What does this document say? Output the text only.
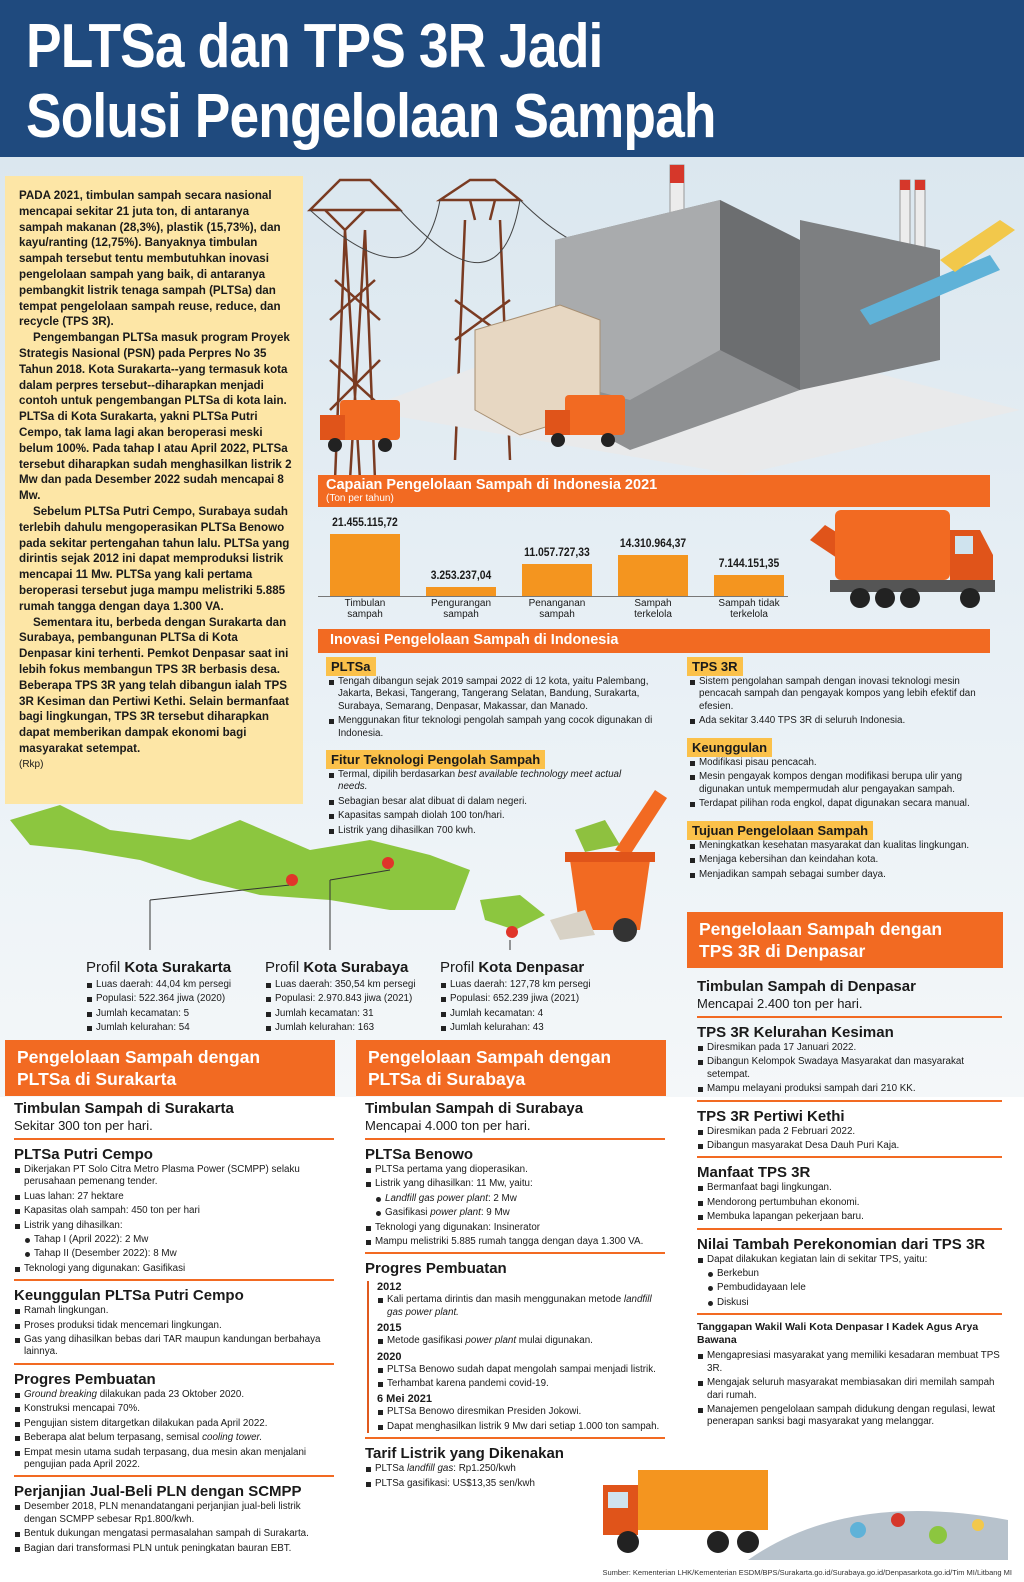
PLTSa dan TPS 3R Jadi
Solusi Pengelolaan Sampah

PADA 2021, timbulan sampah secara nasional mencapai sekitar 21 juta ton, di antaranya sampah makanan (28,3%), plastik (15,73%), dan kayu/ranting (12,75%). Banyaknya timbulan sampah tersebut tentu membutuhkan inovasi pengelolaan sampah yang baik, di antaranya pembangkit listrik tenaga sampah (PLTSa) dan tempat pengelolaan sampah reuse, reduce, dan recycle (TPS 3R).

Pengembangan PLTSa masuk program Proyek Strategis Nasional (PSN) pada Perpres No 35 Tahun 2018. Kota Surakarta--yang termasuk kota dalam perpres tersebut--diharapkan menjadi contoh untuk pengembangan PLTSa di kota lain. PLTSa di Kota Surakarta, yakni PLTSa Putri Cempo, tak lama lagi akan beroperasi meski belum 100%. Pada tahap I atau April 2022, PLTSa tersebut diharapkan sudah menghasilkan listrik 2 Mw dan pada Desember 2022 sudah mencapai 8 Mw.

Sebelum PLTSa Putri Cempo, Surabaya sudah terlebih dahulu mengoperasikan PLTSa Benowo pada sekitar pertengahan tahun lalu. PLTSa yang dirintis sejak 2012 ini dapat memproduksi listrik mencapai 11 Mw. PLTSa yang kali pertama beroperasi tersebut juga mampu melistriki 5.885 rumah tangga dengan daya 1.300 VA.

Sementara itu, berbeda dengan Surakarta dan Surabaya, pembangunan PLTSa di Kota Denpasar kini terhenti. Pemkot Denpasar saat ini lebih fokus membangun TPS 3R berbasis desa. Beberapa TPS 3R yang telah dibangun ialah TPS 3R Kesiman dan Pertiwi Kethi. Selain bermanfaat bagi lingkungan, TPS 3R tersebut diharapkan dapat memberikan dampak ekonomi bagi masyarakat setempat.

(Rkp)

Capaian Pengelolaan Sampah di Indonesia 2021
(Ton per tahun)
21.455.115,72
Timbulan
sampah
3.253.237,04
Pengurangan
sampah
11.057.727,33
Penanganan
sampah
14.310.964,37
Sampah
terkelola
7.144.151,35
Sampah tidak
terkelola
Inovasi Pengelolaan Sampah di Indonesia
PLTSa
Tengah dibangun sejak 2019 sampai 2022 di 12 kota, yaitu Palembang, Jakarta, Bekasi, Tangerang, Tangerang Selatan, Bandung, Surakarta, Surabaya, Semarang, Denpasar, Makassar, dan Manado.
Menggunakan fitur teknologi pengolah sampah yang cocok digunakan di Indonesia.
Fitur Teknologi Pengolah Sampah
Termal, dipilih berdasarkan best available technology meet actual needs.
Sebagian besar alat dibuat di dalam negeri.
Kapasitas sampah diolah 100 ton/hari.
Listrik yang dihasilkan 700 kwh.
TPS 3R
Sistem pengolahan sampah dengan inovasi teknologi mesin pencacah sampah dan pengayak kompos yang lebih efektif dan efesien.
Ada sekitar 3.440 TPS 3R di seluruh Indonesia.
Keunggulan
Modifikasi pisau pencacah.
Mesin pengayak kompos dengan modifikasi berupa ulir yang digunakan untuk mempermudah alur pengayakan sampah.
Terdapat pilihan roda engkol, dapat digunakan secara manual.
Tujuan Pengelolaan Sampah
Meningkatkan kesehatan masyarakat dan kualitas lingkungan.
Menjaga kebersihan dan keindahan kota.
Menjadikan sampah sebagai sumber daya.
Profil Kota Surakarta
Luas daerah: 44,04 km persegi
Populasi: 522.364 jiwa (2020)
Jumlah kecamatan: 5
Jumlah kelurahan: 54
Profil Kota Surabaya
Luas daerah: 350,54 km persegi
Populasi: 2.970.843 jiwa (2021)
Jumlah kecamatan: 31
Jumlah kelurahan: 163
Profil Kota Denpasar
Luas daerah: 127,78 km persegi
Populasi: 652.239 jiwa (2021)
Jumlah kecamatan: 4
Jumlah kelurahan: 43
Pengelolaan Sampah dengan
PLTSa di Surakarta
Timbulan Sampah di Surakarta
Sekitar 300 ton per hari.
PLTSa Putri Cempo
Dikerjakan PT Solo Citra Metro Plasma Power (SCMPP) selaku perusahaan pemenang tender.
Luas lahan: 27 hektare
Kapasitas olah sampah: 450 ton per hari
Listrik yang dihasilkan:
Tahap I (April 2022): 2 Mw
Tahap II (Desember 2022): 8 Mw
Teknologi yang digunakan: Gasifikasi
Keunggulan PLTSa Putri Cempo
Ramah lingkungan.
Proses produksi tidak mencemari lingkungan.
Gas yang dihasilkan bebas dari TAR maupun kandungan berbahaya lainnya.
Progres Pembuatan
Ground breaking dilakukan pada 23 Oktober 2020.
Konstruksi mencapai 70%.
Pengujian sistem ditargetkan dilakukan pada April 2022.
Beberapa alat belum terpasang, semisal cooling tower.
Empat mesin utama sudah terpasang, dua mesin akan menjalani pengujian pada April 2022.
Perjanjian Jual-Beli PLN dengan SCMPP
Desember 2018, PLN menandatangani perjanjian jual-beli listrik dengan SCMPP sebesar Rp1.800/kwh.
Bentuk dukungan mengatasi permasalahan sampah di Surakarta.
Bagian dari transformasi PLN untuk peningkatan bauran EBT.
Pengelolaan Sampah dengan
PLTSa di Surabaya
Timbulan Sampah di Surabaya
Mencapai 4.000 ton per hari.
PLTSa Benowo
PLTSa pertama yang dioperasikan.
Listrik yang dihasilkan: 11 Mw, yaitu:
Landfill gas power plant: 2 Mw
Gasifikasi power plant: 9 Mw
Teknologi yang digunakan: Insinerator
Mampu melistriki 5.885 rumah tangga dengan daya 1.300 VA.
Progres Pembuatan
2012
Kali pertama dirintis dan masih menggunakan metode landfill gas power plant.
2015
Metode gasifikasi power plant mulai digunakan.
2020
PLTSa Benowo sudah dapat mengolah sampai menjadi listrik.
Terhambat karena pandemi covid-19.
6 Mei 2021
PLTSa Benowo diresmikan Presiden Jokowi.
Dapat menghasilkan listrik 9 Mw dari setiap 1.000 ton sampah.
Tarif Listrik yang Dikenakan
PLTSa landfill gas: Rp1.250/kwh
PLTSa gasifikasi: US$13,35 sen/kwh
Pengelolaan Sampah dengan
TPS 3R di Denpasar
Timbulan Sampah di Denpasar
Mencapai 2.400 ton per hari.
TPS 3R Kelurahan Kesiman
Diresmikan pada 17 Januari 2022.
Dibangun Kelompok Swadaya Masyarakat dan masyarakat setempat.
Mampu melayani produksi sampah dari 210 KK.
TPS 3R Pertiwi Kethi
Diresmikan pada 2 Februari 2022.
Dibangun masyarakat Desa Dauh Puri Kaja.
Manfaat TPS 3R
Bermanfaat bagi lingkungan.
Mendorong pertumbuhan ekonomi.
Membuka lapangan pekerjaan baru.
Nilai Tambah Perekonomian dari TPS 3R
Dapat dilakukan kegiatan lain di sekitar TPS, yaitu:
Berkebun
Pembudidayaan lele
Diskusi
Tanggapan Wakil Wali Kota Denpasar I Kadek Agus Arya Bawana
Mengapresiasi masyarakat yang memiliki kesadaran membuat TPS 3R.
Mengajak seluruh masyarakat membiasakan diri memilah sampah dari rumah.
Manajemen pengelolaan sampah didukung dengan regulasi, lewat penerapan sanksi bagi masyarakat yang melanggar.
Sumber: Kementerian LHK/Kementerian ESDM/BPS/Surakarta.go.id/Surabaya.go.id/Denpasarkota.go.id/Tim MI/Litbang MI
